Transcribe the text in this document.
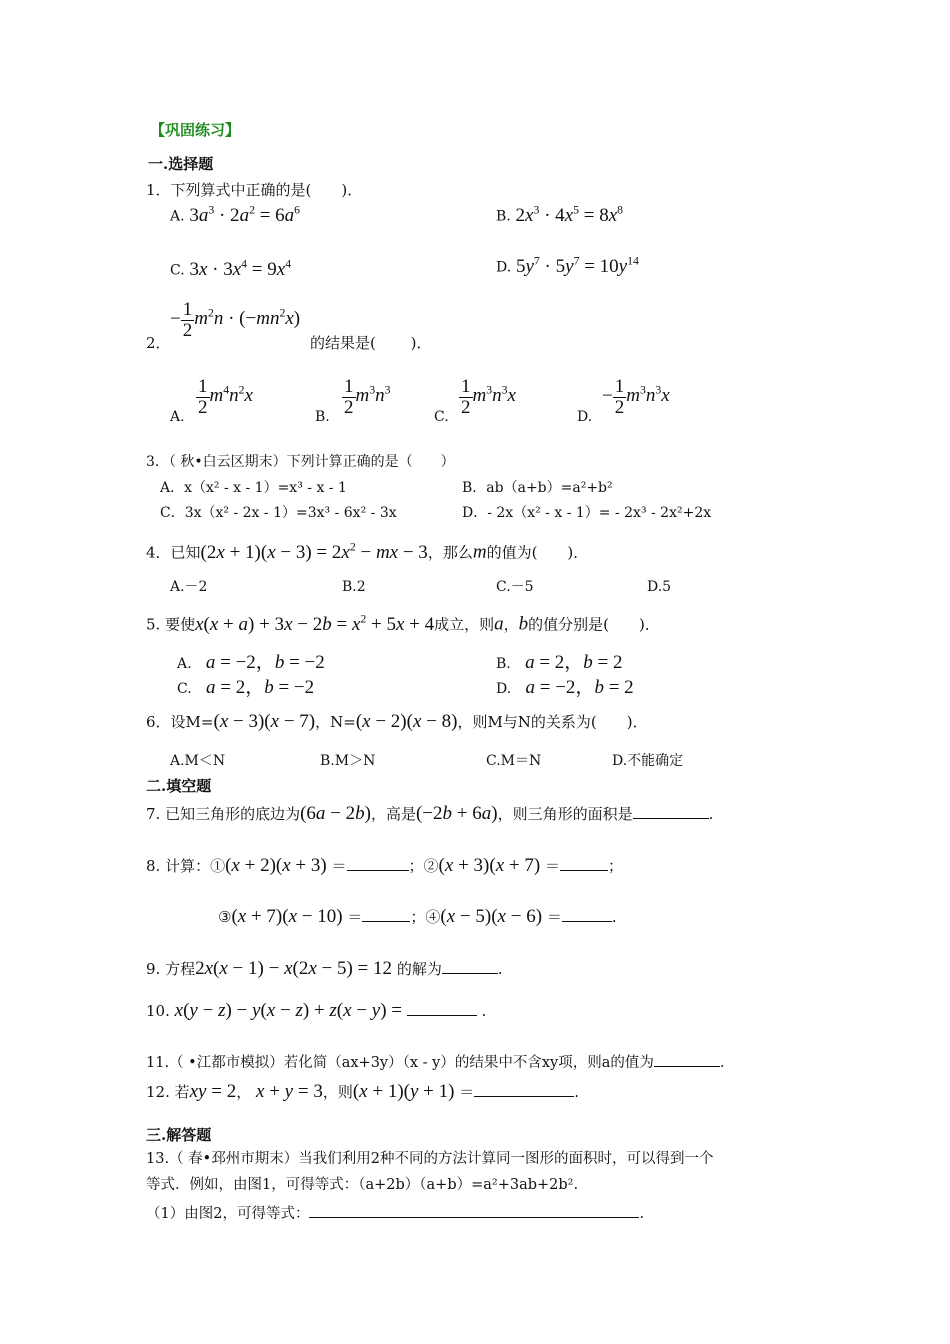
【巩固练习】
一.选择题
1．下列算式中正确的是(　　)．
A. $3a^3 \cdot 2a^2 = 6a^6$	B. $2x^3 \cdot 4x^5 = 8x^8$
C. $3x \cdot 3x^4 = 9x^4$	D. $5y^7 \cdot 5y^7 = 10y^{14}$
− $\frac{1}{2} m^2n \cdot (-mn^2x)$
2．	的结果是(　　 )．
A. $\frac{1}{2} m^4n^2x$
B. $\frac{1}{2} m^3n^3$
C. $\frac{1}{2} m^3n^3x$
D.
− $\frac{1}{2} m^3n^3x$
3．（ 秋•白云区期末）下列计算正确的是（　　）
A．x（x² - x - 1）=x³ - x - 1	B．ab（a+b）=a²+b²
C．3x（x² - 2x - 1）=3x³ - 6x² - 3x	D．- 2x（x² - x - 1）= - 2x³ - 2x²+2x
4．已知$(2x + 1)(x - 3) = 2x^2$ − mx − 3，那么m的值为(　　)．
A.－2	B.2	C.－5	D.5
5. 要使$x(x + a) + 3x - 2b = x^2 + 5x + 4$成立，则a，b的值分别是(　　)．
A. a = −2，b = −2	B. a = 2，b = 2
C. a = 2，b = −2	D. a = −2，b = 2
6．设M=(x − 3)(x − 7)，N=(x − 2)(x − 8)，则M与N的关系为(　　)．
A.M＜N	B.M＞N	C.M＝N	D.不能确定
二.填空题
7. 已知三角形的底边为(6a − 2b)，高是(−2b + 6a)，则三角形的面积是	.
8. 计算：①(x + 2)(x + 3) ＝	；②(x + 3)(x + 7) ＝	；
③(x + 7)(x − 10) ＝	；④(x − 5)(x − 6) ＝	.
9. 方程2x(x − 1) − x(2x − 5) = 12 的解为	.
10. x(y − z) − y(x − z) + z(x − y) =	.
11.（ •江都市模拟）若化简（ax+3y）（x - y）的结果中不含xy项，则a的值为	.
12. 若xy = 2， x + y = 3，则(x + 1)(y + 1) ＝	.
三.解答题
13.（ 春•邳州市期末）当我们利用2种不同的方法计算同一图形的面积时，可以得到一个
等式．例如，由图1，可得等式：（a+2b）（a+b）=a²+3ab+2b².
（1）由图2，可得等式：	.
